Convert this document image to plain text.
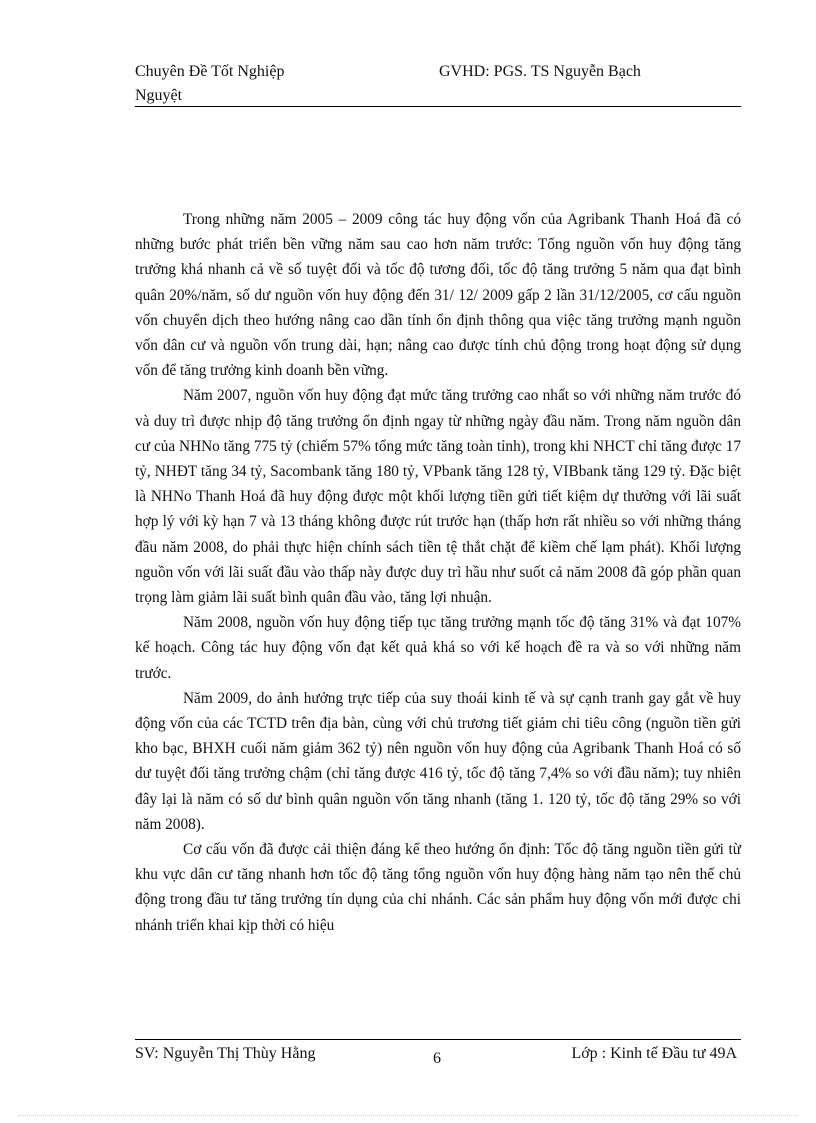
Chuyên Đề Tốt Nghiệp
Nguyệt
GVHD: PGS. TS Nguyễn Bạch

Trong những năm 2005 – 2009 công tác huy động vốn của Agribank Thanh Hoá đã có những bước phát triển bền vững năm sau cao hơn năm trước: Tổng nguồn vốn huy động tăng trưởng khá nhanh cả về số tuyệt đối và tốc độ tương đối, tốc độ tăng trưởng 5 năm qua đạt bình quân 20%/năm, số dư nguồn vốn huy động đến 31/ 12/ 2009 gấp 2 lần 31/12/2005, cơ cấu nguồn vốn chuyển dịch theo hướng nâng cao dần tính ổn định thông qua việc tăng trưởng mạnh nguồn vốn dân cư và nguồn vốn trung dài, hạn; nâng cao được tính chủ động trong hoạt động sử dụng vốn để tăng trưởng kinh doanh bền vững.

Năm 2007, nguồn vốn huy động đạt mức tăng trưởng cao nhất so với những năm trước đó và duy trì được nhịp độ tăng trưởng ổn định ngay từ những ngày đầu năm. Trong năm nguồn dân cư của NHNo tăng 775 tỷ (chiếm 57% tổng mức tăng toàn tỉnh), trong khi NHCT chỉ tăng được 17 tỷ, NHĐT tăng 34 tỷ, Sacombank tăng 180 tỷ, VPbank tăng 128 tỷ, VIBbank tăng 129 tỷ. Đặc biệt là NHNo Thanh Hoá đã huy động được một khối lượng tiền gửi tiết kiệm dự thưởng với lãi suất hợp lý với kỳ hạn 7 và 13 tháng không được rút trước hạn (thấp hơn rất nhiều so với những tháng đầu năm 2008, do phải thực hiện chính sách tiền tệ thắt chặt để kiềm chế lạm phát). Khối lượng nguồn vốn với lãi suất đầu vào thấp này được duy trì hầu như suốt cả năm 2008 đã góp phần quan trọng làm giảm lãi suất bình quân đầu vào, tăng lợi nhuận.

Năm 2008, nguồn vốn huy động tiếp tục tăng trưởng mạnh tốc độ tăng 31% và đạt 107% kế hoạch. Công tác huy động vốn đạt kết quả khá so với kế hoạch đề ra và so với những năm trước.

Năm 2009, do ảnh hưởng trực tiếp của suy thoái kinh tế và sự cạnh tranh gay gắt về huy động vốn của các TCTD trên địa bàn, cùng với chủ trương tiết giảm chi tiêu công (nguồn tiền gửi kho bạc, BHXH cuối năm giảm 362 tỷ) nên nguồn vốn huy động của Agribank Thanh Hoá có số dư tuyệt đối tăng trưởng chậm (chỉ tăng được 416 tỷ, tốc độ tăng 7,4% so với đầu năm); tuy nhiên đây lại là năm có số dư bình quân nguồn vốn tăng nhanh (tăng 1. 120 tỷ, tốc độ tăng 29% so với năm 2008).

Cơ cấu vốn đã được cải thiện đáng kể theo hướng ổn định: Tốc độ tăng nguồn tiền gửi từ khu vực dân cư tăng nhanh hơn tốc độ tăng tổng nguồn vốn huy động hàng năm tạo nên thế chủ động trong đầu tư tăng trưởng tín dụng của chi nhánh. Các sản phẩm huy động vốn mới được chi nhánh triển khai kịp thời có hiệu

SV: Nguyễn Thị Thùy Hằng	6	Lớp : Kinh tế Đầu tư 49A
